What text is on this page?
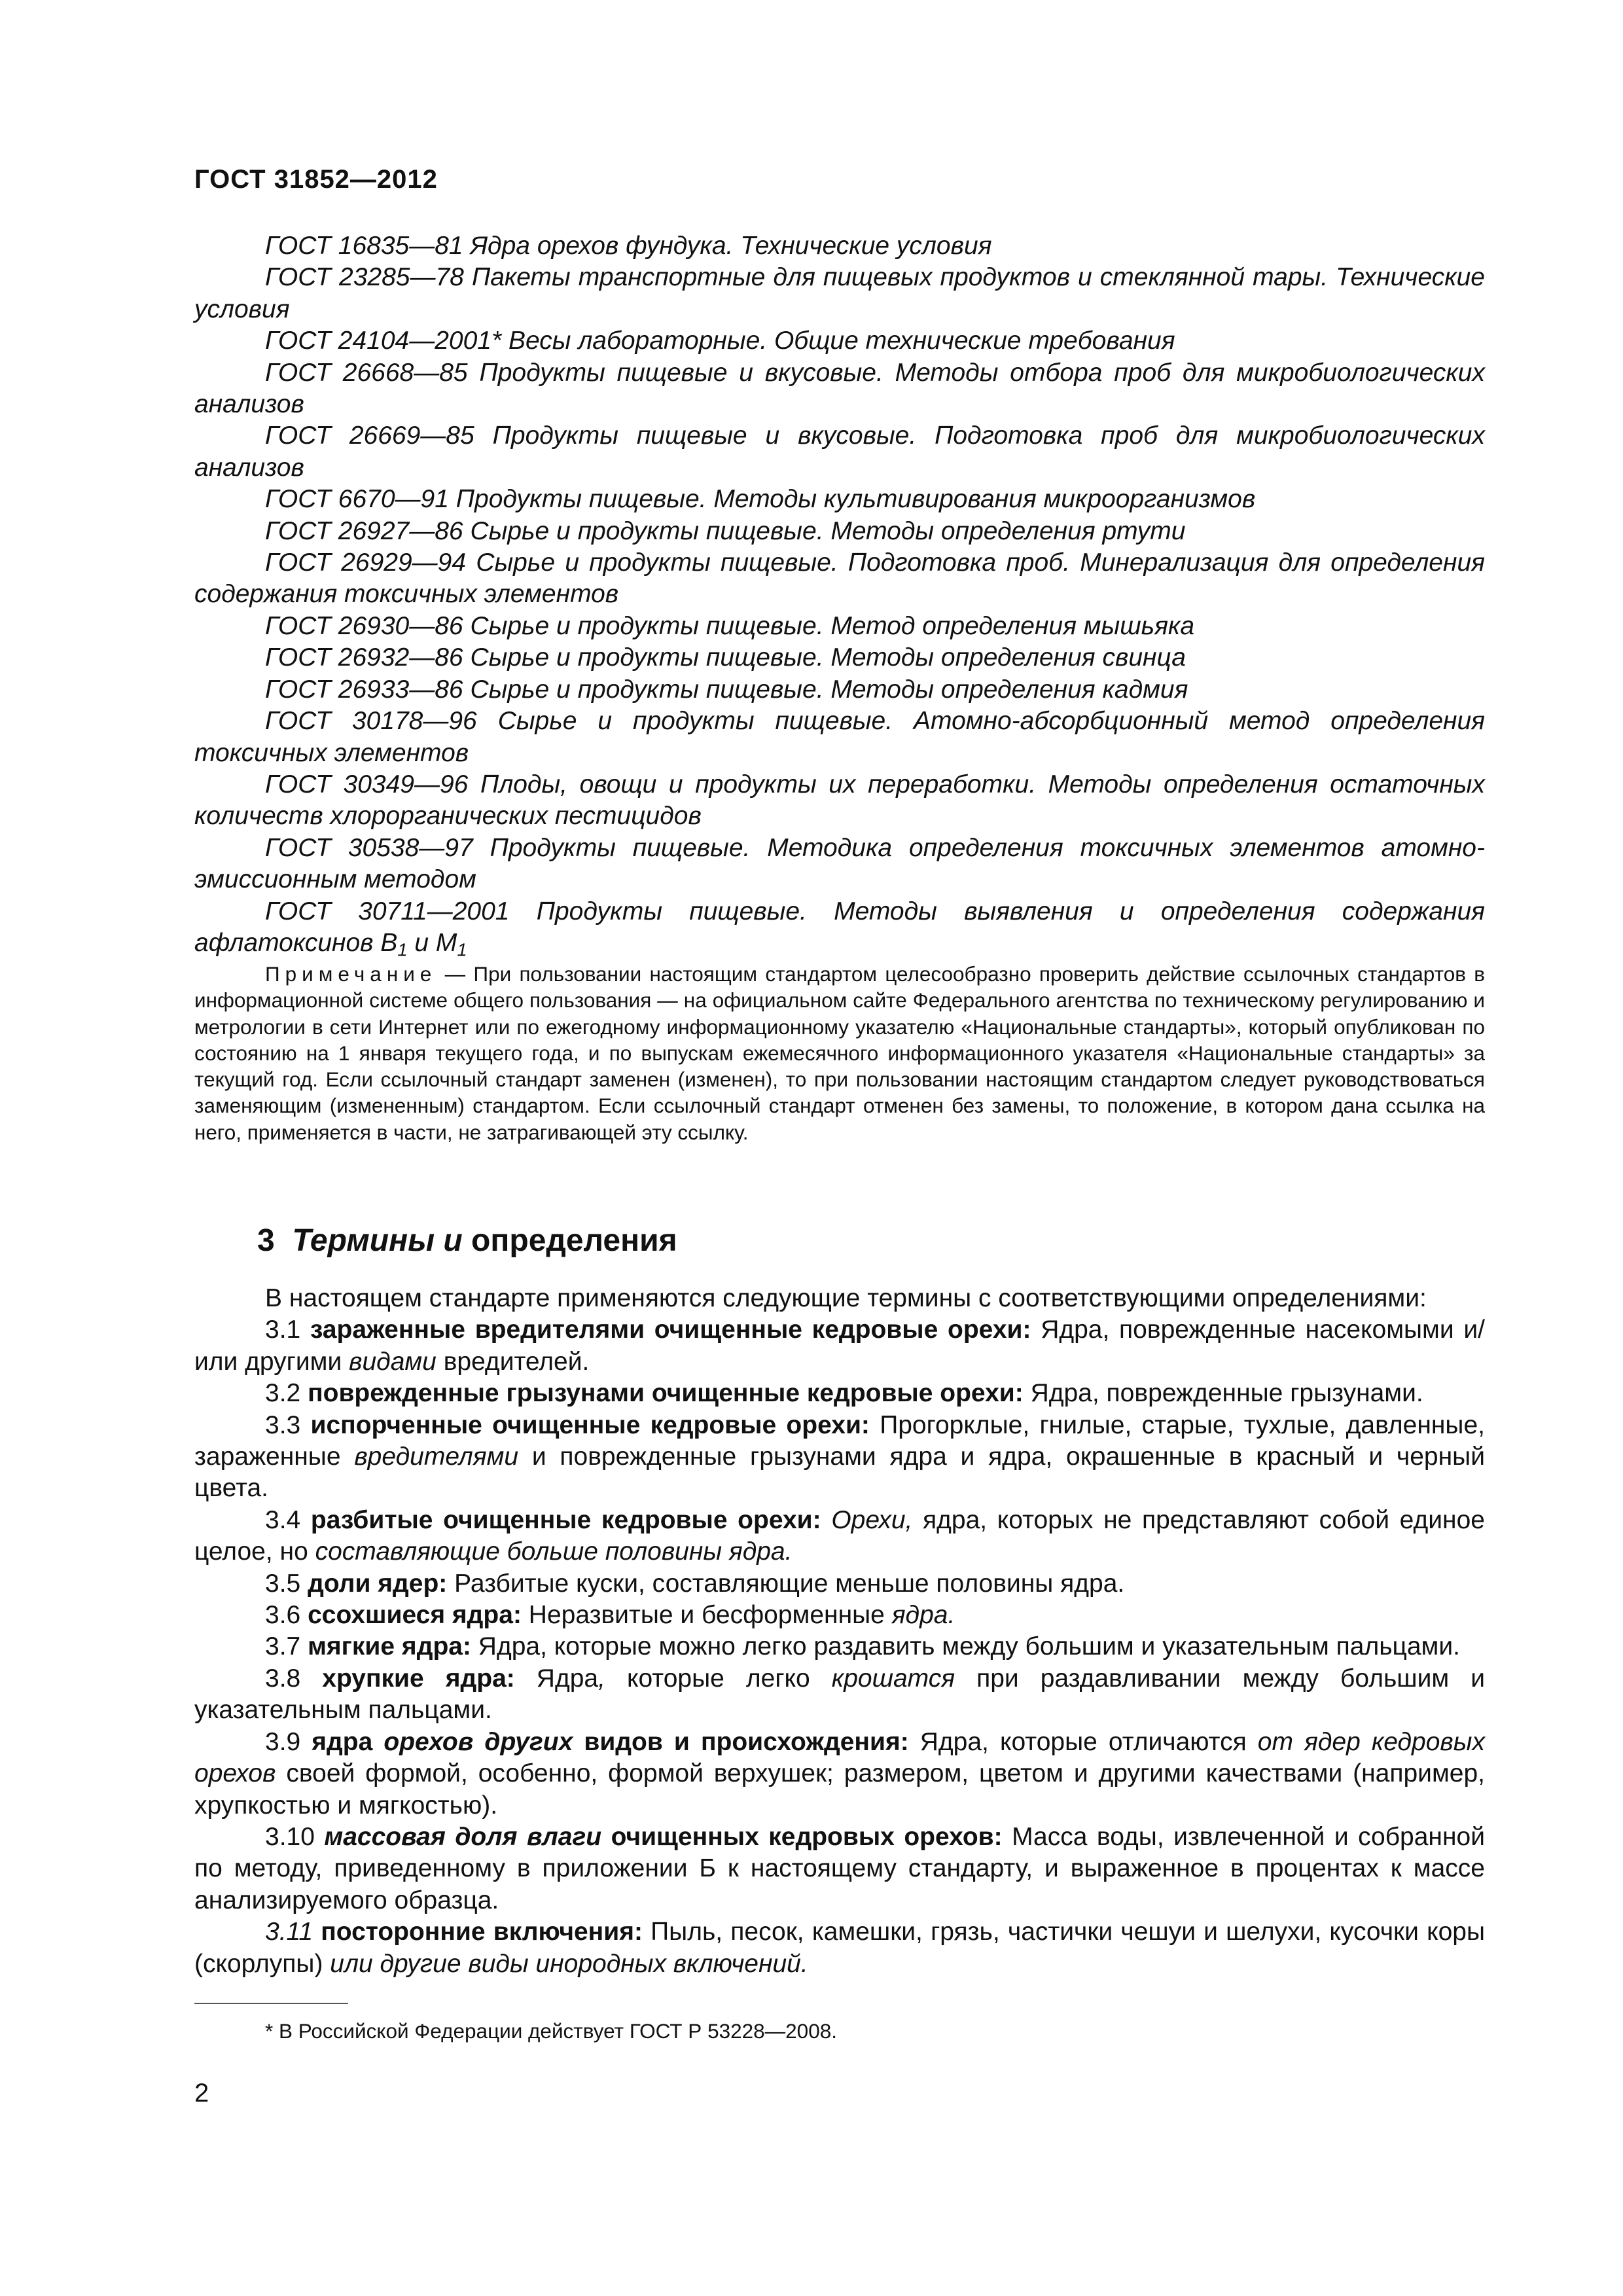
ГОСТ 31852—2012

ГОСТ 16835—81 Ядра орехов фундука. Технические условия

ГОСТ 23285—78 Пакеты транспортные для пищевых продуктов и стеклянной тары. Технические условия

ГОСТ 24104—2001* Весы лабораторные. Общие технические требования

ГОСТ 26668—85 Продукты пищевые и вкусовые. Методы отбора проб для микробиологических анализов

ГОСТ 26669—85 Продукты пищевые и вкусовые. Подготовка проб для микробиологических анализов

ГОСТ 6670—91 Продукты пищевые. Методы культивирования микроорганизмов

ГОСТ 26927—86 Сырье и продукты пищевые. Методы определения ртути

ГОСТ 26929—94 Сырье и продукты пищевые. Подготовка проб. Минерализация для определения содержания токсичных элементов

ГОСТ 26930—86 Сырье и продукты пищевые. Метод определения мышьяка

ГОСТ 26932—86 Сырье и продукты пищевые. Методы определения свинца

ГОСТ 26933—86 Сырье и продукты пищевые. Методы определения кадмия

ГОСТ 30178—96 Сырье и продукты пищевые. Атомно-абсорбционный метод определения токсичных элементов

ГОСТ 30349—96 Плоды, овощи и продукты их переработки. Методы определения остаточных количеств хлорорганических пестицидов

ГОСТ 30538—97 Продукты пищевые. Методика определения токсичных элементов атомно-эмиссионным методом

ГОСТ 30711—2001 Продукты пищевые. Методы выявления и определения содержания афлатоксинов $B_1$ и $M_1$

Примечание — При пользовании настоящим стандартом целесообразно проверить действие ссылочных стандартов в информационной системе общего пользования — на официальном сайте Федерального агентства по техническому регулированию и метрологии в сети Интернет или по ежегодному информационному указателю «Национальные стандарты», который опубликован по состоянию на 1 января текущего года, и по выпускам ежемесячного информационного указателя «Национальные стандарты» за текущий год. Если ссылочный стандарт заменен (изменен), то при пользовании настоящим стандартом следует руководствоваться заменяющим (измененным) стандартом. Если ссылочный стандарт отменен без замены, то положение, в котором дана ссылка на него, применяется в части, не затрагивающей эту ссылку.

3 Термины и определения

В настоящем стандарте применяются следующие термины с соответствующими определениями:

3.1 зараженные вредителями очищенные кедровые орехи: Ядра, поврежденные насекомыми и/или другими видами вредителей.

3.2 поврежденные грызунами очищенные кедровые орехи: Ядра, поврежденные грызунами.

3.3 испорченные очищенные кедровые орехи: Прогорклые, гнилые, старые, тухлые, давленные, зараженные вредителями и поврежденные грызунами ядра и ядра, окрашенные в красный и черный цвета.

3.4 разбитые очищенные кедровые орехи: Орехи, ядра, которых не представляют собой единое целое, но составляющие больше половины ядра.

3.5 доли ядер: Разбитые куски, составляющие меньше половины ядра.

3.6 ссохшиеся ядра: Неразвитые и бесформенные ядра.

3.7 мягкие ядра: Ядра, которые можно легко раздавить между большим и указательным пальцами.

3.8 хрупкие ядра: Ядра, которые легко крошатся при раздавливании между большим и указательным пальцами.

3.9 ядра орехов других видов и происхождения: Ядра, которые отличаются от ядер кедровых орехов своей формой, особенно, формой верхушек; размером, цветом и другими качествами (например, хрупкостью и мягкостью).

3.10 массовая доля влаги очищенных кедровых орехов: Масса воды, извлеченной и собранной по методу, приведенному в приложении Б к настоящему стандарту, и выраженное в процентах к массе анализируемого образца.

3.11 посторонние включения: Пыль, песок, камешки, грязь, частички чешуи и шелухи, кусочки коры (скорлупы) или другие виды инородных включений.

* В Российской Федерации действует ГОСТ Р 53228—2008.
2
